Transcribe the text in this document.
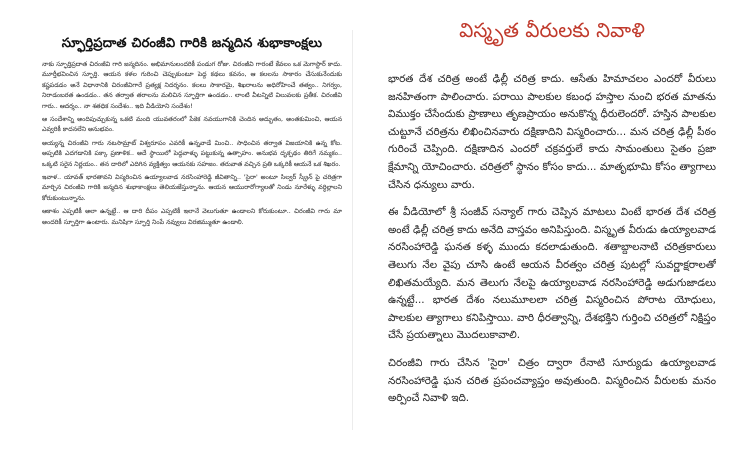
స్ఫూర్తిప్రదాత చిరంజీవి గారికి జన్మదిన శుభాకాంక్షలు

నాకు స్ఫూర్తిప్రదాత చిరంజీవి గారి జన్మదినం. అభిమానులందరికీ పండుగ రోజు. చిరంజీవి గారంటే కేవలం ఒక మెగాస్టార్ కాదు. మూర్తీభవించిన స్ఫూర్తి. ఆయన కళల గురించి చెప్పుకుంటూ పెద్ద కథలు కవనం, ఆ కలలను సాకారం చేసుకునేందుకు కష్టపడడం అనే విధానానికి చిరంజీవిగారే ప్రత్యక్ష నిదర్శనం. కలలు సాకారమై, శిఖరాలను అధిరోహించే తత్వం.. నిగర్వం, నిరాడంబరత ఉండడం.. తన తర్వాత తరాలను మలిచిన స్ఫూర్తిగా ఉండడం.. లాంటి వీటన్నిటి విలువలకు ప్రతీక. చిరంజీవి గారు.. ఆదర్శం.. నా శతధిక సందేశం.. ఇది వీడియోని సందేశం!

ఆ సందేశాన్ని అందిపుచ్చుకున్న ఒకటి మంది యువతరంలో పేకెక నవయుగానికి చెందిన అద్భుతం, అంతకుమించి, ఆయన ఎవ్వరికీ కాదనలేని అనుభవం.

అయ్యన్న చిరంజీవి గారు నటసామ్రాట్ విశ్వరూపం ఎవరికీ ఉన్నవాడే మించి.. సాధించిన తర్వాత విజయానికి ఉన్న కోట. అప్పటికి ఎదగడానికి పక్కా ప్రణాళిక.. అదే స్థాయిలో పెద్దవాళ్ళు పట్టుకున్న ఉత్సాహం. అనుభవ దృక్పథం తిరిగే నమ్మకం.. ఒక్కటి సరైన నిర్ణయం.. తన దారిలో ఎదిగిన వ్యక్తిత్వం ఆయనకు సహజం. తరువాత వచ్చిన ప్రతి ఒక్కరికీ ఆయనే ఒక శిఖరం.

ఇవాళ.. యావత్ భారతావని విస్మరించిన ఉయ్యాలవాడ నరసింహారెడ్డి జీవితాన్ని.. 'సైరా' అంటూ సిల్వర్ స్క్రీన్ పై చరిత్రగా మార్చిన చిరంజీవి గారికి జన్మదిన శుభాకాంక్షలు తెలియజేస్తున్నాను. ఆయన ఆయురారోగ్యాలతో నిండు నూరేళ్ళు వర్ధిల్లాలని కోరుకుంటున్నాను.

ఆకాశం ఎప్పటికీ అలా ఉన్నట్టే.. ఆ దారి దీపం ఎప్పటికీ ఇలానే వెలుగుతూ ఉండాలని కోరుకుంటూ.. చిరంజీవి గారు మా అందరికీ స్ఫూర్తిగా ఉంటారు. మనిషిగా స్ఫూర్తి నింపే నవ్వులు విరజిమ్ముతూ ఉండాలి.

విస్మృత వీరులకు నివాళి

భారత దేశ చరిత్ర అంటే ఢిల్లీ చరిత్ర కాదు. ఆసేతు హిమాచలం ఎందరో వీరులు జనహితంగా పాలించారు. పరాయి పాలకుల కబంధ హస్తాల నుంచి భరత మాతను విముక్తం చేసేందుకు ప్రాణాలు తృణప్రాయం అనుకొన్న ధీరులెందరో. హస్తిన పాలకుల చుట్టూనే చరిత్రను లిఖించినవారు దక్షిణాదిని విస్మరించారు... మన చరిత్ర ఢిల్లీ పీఠం గురించే చెప్పింది. దక్షిణాదిన ఎందరో చక్రవర్తులే కాదు సామంతులు సైతం ప్రజా క్షేమాన్ని యోచించారు. చరిత్రలో స్థానం కోసం కాదు... మాతృభూమి కోసం త్యాగాలు చేసిన ధన్యులు వారు.

ఈ వీడియోలో శ్రీ సంజీవ్ సన్యాల్ గారు చెప్పిన మాటలు వింటే భారత దేశ చరిత్ర అంటే ఢిల్లీ చరిత్ర కాదు అనేది వాస్తవం అనిపిస్తుంది. విస్మృత వీరుడు ఉయ్యాలవాడ నరసింహారెడ్డి ఘనత కళ్ళ ముందు కదలాడుతుంది. శతాబ్దాలనాటి చరిత్రకారులు తెలుగు నేల వైపు చూసి ఉంటే ఆయన వీరత్వం చరిత్ర పుటల్లో సువర్ణాక్షరాలతో లిఖితమయ్యేది. మన తెలుగు నేలపై ఉయ్యాలవాడ నరసింహారెడ్డి అడుగుజాడలు ఉన్నట్టే... భారత దేశం నలుమూలలా చరిత్ర విస్మరించిన పోరాట యోధులు, పాలకుల త్యాగాలు కనిపిస్తాయి. వారి ధీరత్వాన్ని, దేశభక్తిని గుర్తించి చరిత్రలో నిక్షిప్తం చేసే ప్రయత్నాలు మొదలుకావాలి.

చిరంజీవి గారు చేసిన 'సైరా' చిత్రం ద్వారా రేనాటి సూర్యుడు ఉయ్యాలవాడ నరసింహారెడ్డి ఘన చరిత ప్రపంచవ్యాప్తం అవుతుంది. విస్మరించిన వీరులకు మనం అర్పించే నివాళి ఇది.
